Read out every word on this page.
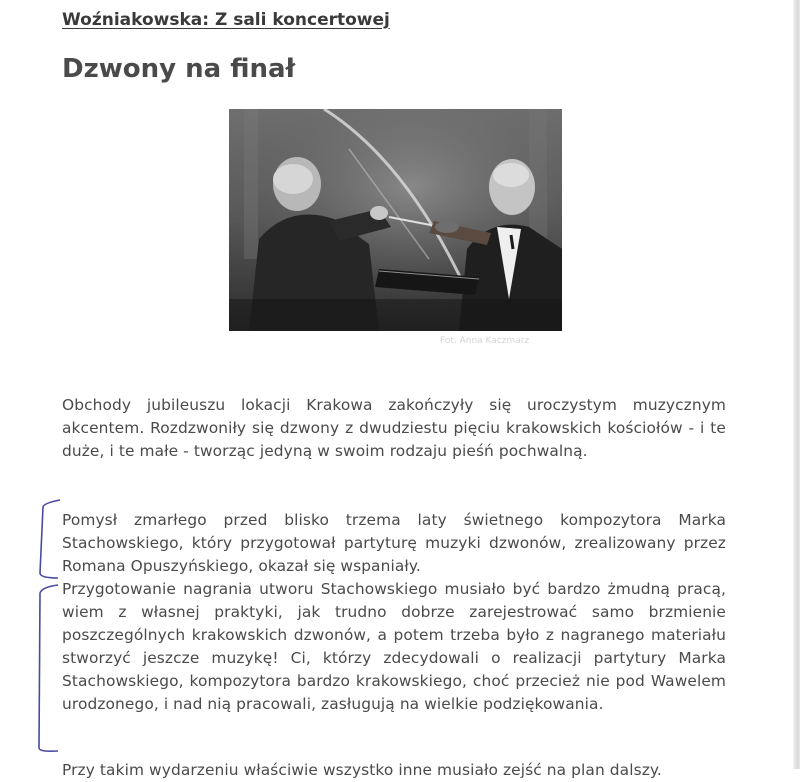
Woźniakowska: Z sali koncertowej
Dzwony na finał
Fot. Anna Kaczmarz

Obchody jubileuszu lokacji Krakowa zakończyły się uroczystym muzycznym akcentem. Rozdzwoniły się dzwony z dwudziestu pięciu krakowskich kościołów - i te duże, i te małe - tworząc jedyną w swoim rodzaju pieśń pochwalną.

Pomysł zmarłego przed blisko trzema laty świetnego kompozytora Marka Stachowskiego, który przygotował partyturę muzyki dzwonów, zrealizowany przez Romana Opuszyńskiego, okazał się wspaniały.

Przygotowanie nagrania utworu Stachowskiego musiało być bardzo żmudną pracą, wiem z własnej praktyki, jak trudno dobrze zarejestrować samo brzmienie poszczególnych krakowskich dzwonów, a potem trzeba było z nagranego materiału stworzyć jeszcze muzykę! Ci, którzy zdecydowali o realizacji partytury Marka Stachowskiego, kompozytora bardzo krakowskiego, choć przecież nie pod Wawelem urodzonego, i nad nią pracowali, zasługują na wielkie podziękowania.

Przy takim wydarzeniu właściwie wszystko inne musiało zejść na plan dalszy.
